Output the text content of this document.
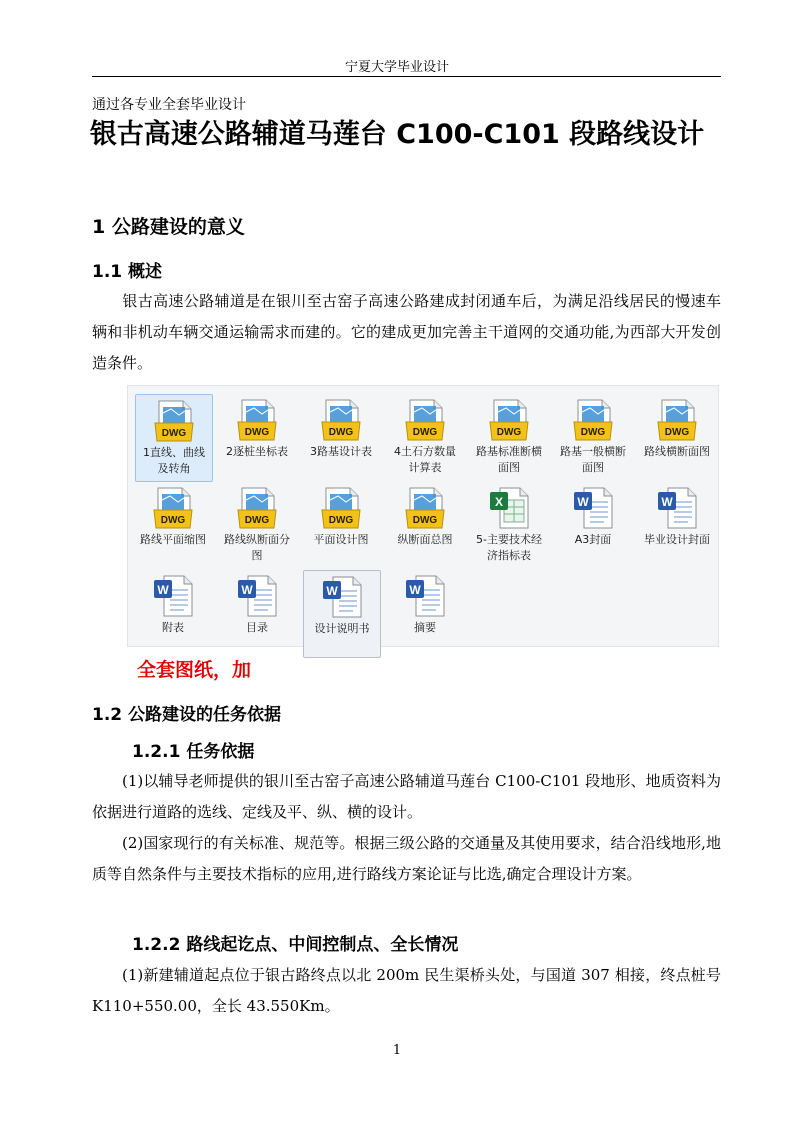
宁夏大学毕业设计
通过各专业全套毕业设计
银古高速公路辅道马莲台 C100-C101 段路线设计
1 公路建设的意义
1.1 概述
银古高速公路辅道是在银川至古窑子高速公路建成封闭通车后，为满足沿线居民的慢速车辆和非机动车辆交通运输需求而建的。它的建成更加完善主干道网的交通功能,为西部大开发创造条件。
DWG
1直线、曲线及转角
DWG
2逐桩坐标表
DWG
3路基设计表
DWG
4土石方数量计算表
DWG
路基标准断横面图
DWG
路基一般横断面图
DWG
路线横断面图
DWG
路线平面缩图
DWG
路线纵断面分图
DWG
平面设计图
DWG
纵断面总图
X
5-主要技术经济指标表
W
A3封面
W
毕业设计封面
W
附表
W
目录
W
设计说明书
W
摘要
全套图纸，加
1.2 公路建设的任务依据
1.2.1 任务依据
(1)以辅导老师提供的银川至古窑子高速公路辅道马莲台 C100-C101 段地形、地质资料为依据进行道路的选线、定线及平、纵、横的设计。
(2)国家现行的有关标准、规范等。根据三级公路的交通量及其使用要求，结合沿线地形,地质等自然条件与主要技术指标的应用,进行路线方案论证与比选,确定合理设计方案。
1.2.2 路线起讫点、中间控制点、全长情况
(1)新建辅道起点位于银古路终点以北 200m 民生渠桥头处，与国道 307 相接，终点桩号 K110+550.00，全长 43.550Km。
1
